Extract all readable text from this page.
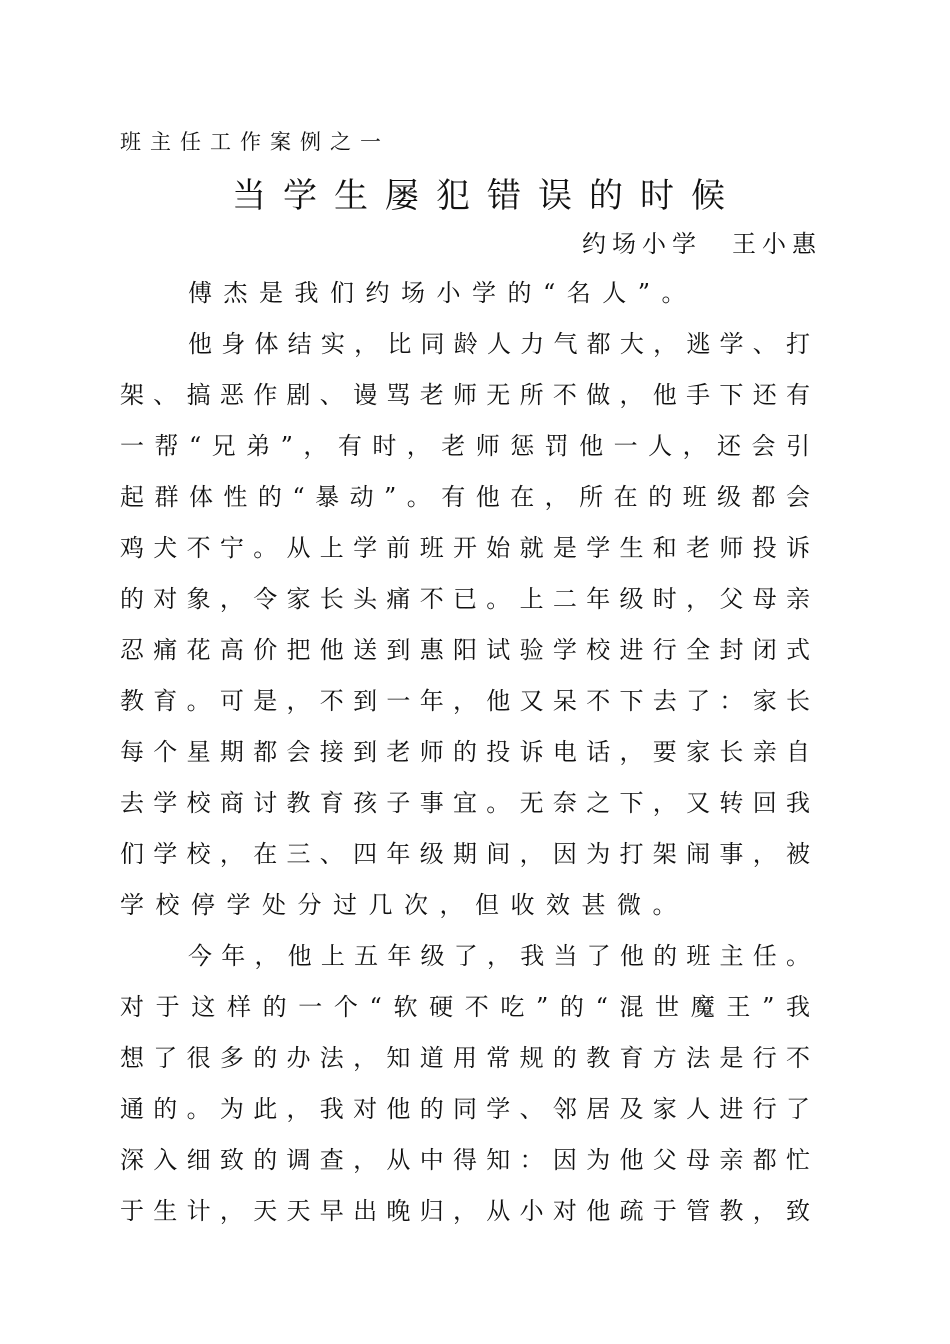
班主任工作案例之一
当学生屡犯错误的时候
约场小学 王小惠
傅杰是我们约场小学的“名人”。
他身体结实，比同龄人力气都大，逃学、打
架、搞恶作剧、谩骂老师无所不做，他手下还有
一帮“兄弟”，有时，老师惩罚他一人，还会引
起群体性的“暴动”。有他在，所在的班级都会
鸡犬不宁。从上学前班开始就是学生和老师投诉
的对象，令家长头痛不已。上二年级时，父母亲
忍痛花高价把他送到惠阳试验学校进行全封闭式
教育。可是，不到一年，他又呆不下去了：家长
每个星期都会接到老师的投诉电话，要家长亲自
去学校商讨教育孩子事宜。无奈之下，又转回我
们学校，在三、四年级期间，因为打架闹事，被
学校停学处分过几次，但收效甚微。
今年，他上五年级了，我当了他的班主任。
对于这样的一个“软硬不吃”的“混世魔王”我
想了很多的办法，知道用常规的教育方法是行不
通的。为此，我对他的同学、邻居及家人进行了
深入细致的调查，从中得知：因为他父母亲都忙
于生计，天天早出晚归，从小对他疏于管教，致
